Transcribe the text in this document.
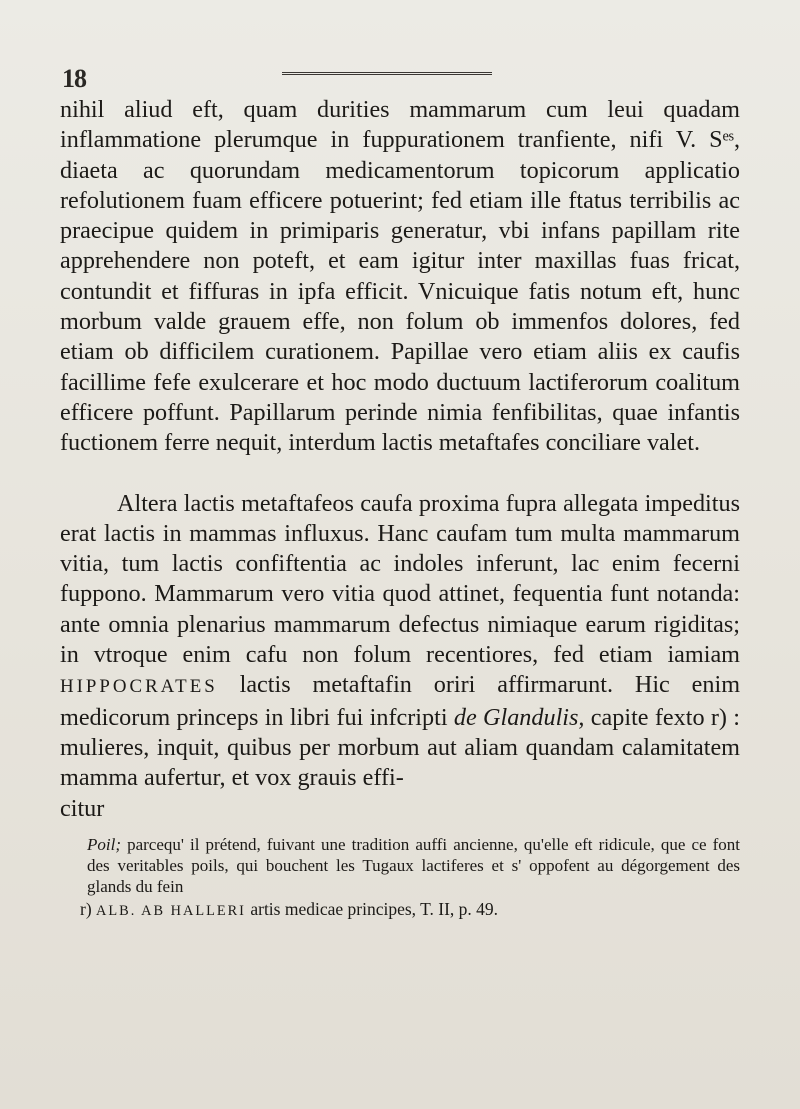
18

nihil aliud eft, quam durities mammarum cum leui quadam inflammatione plerumque in fuppurationem tranfiente, nifi V. Sᵉˢ, diaeta ac quorundam medicamentorum topicorum applicatio refolutionem fuam efficere potuerint; fed etiam ille ftatus terribilis ac praecipue quidem in primiparis generatur, vbi infans papillam rite apprehendere non poteft, et eam igitur inter maxillas fuas fricat, contundit et fiffuras in ipfa efficit. Vnicuique fatis notum eft, hunc morbum valde grauem effe, non folum ob immenfos dolores, fed etiam ob difficilem curationem. Papillae vero etiam aliis ex caufis facillime fefe exulcerare et hoc modo ductuum lactiferorum coalitum efficere poffunt. Papillarum perinde nimia fenfibilitas, quae infantis fuctionem ferre nequit, interdum lactis metaftafes conciliare valet.

Altera lactis metaftafeos caufa proxima fupra allegata impeditus erat lactis in mammas influxus. Hanc caufam tum multa mammarum vitia, tum lactis confiftentia ac indoles inferunt, lac enim fecerni fuppono. Mammarum vero vitia quod attinet, fequentia funt notanda: ante omnia plenarius mammarum defectus nimiaque earum rigiditas; in vtroque enim cafu non folum recentiores, fed etiam iamiam HIPPOCRATES lactis metaftafin oriri affirmarunt. Hic enim medicorum princeps in libri fui infcripti de Glandulis, capite fexto r) : mulieres, inquit, quibus per morbum aut aliam quandam calamitatem mamma aufertur, et vox grauis effi-

citur

Poil; parcequ' il prétend, fuivant une tradition auffi ancienne, qu'elle eft ridicule, que ce font des veritables poils, qui bouchent les Tugaux lactiferes et s' oppofent au dégorgement des glands du fein

r) ALB. AB HALLERI artis medicae principes, T. II, p. 49.
